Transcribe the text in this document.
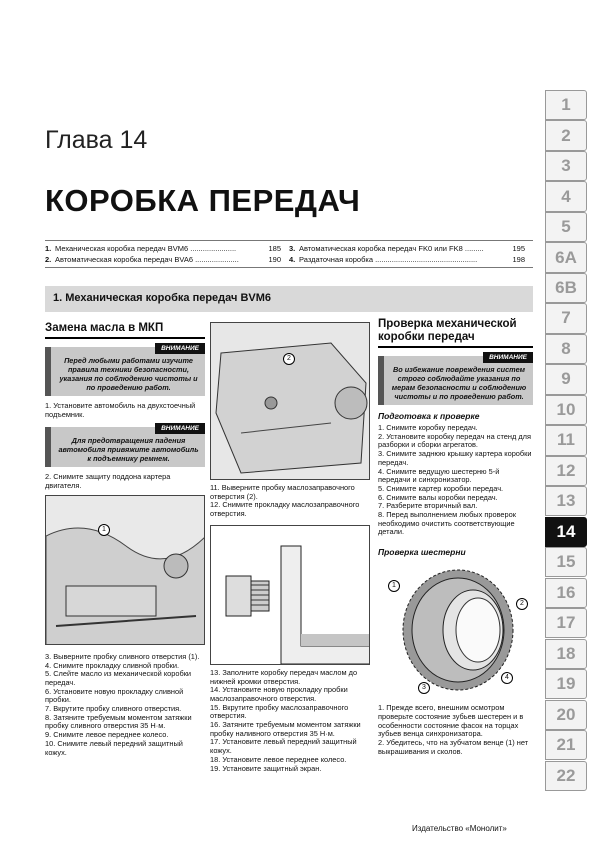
Глава 14
КОРОБКА ПЕРЕДАЧ
1. Механическая коробка передач BVM6 ......................	185
2. Автоматическая коробка передач BVA6 .....................	190
3. Автоматическая коробка передач FK0 или FK8 .........	195
4. Раздаточная коробка .................................................	198
1. Механическая коробка передач BVM6
Замена масла в МКП
ВНИМАНИЕ
Перед любыми работами изучите правила техники безопасности, указания по соблюдению чистоты и по проведению работ.
1. Установите автомобиль на двухстоечный подъемник.
ВНИМАНИЕ
Для предотвращения падения автомобиля привяжите автомобиль к подъемнику ремнем.
2. Снимите защиту поддона картера двигателя.
1
3. Выверните пробку сливного отверстия (1).
4. Снимите прокладку сливной пробки.
5. Слейте масло из механической коробки передач.
6. Установите новую прокладку сливной пробки.
7. Вкрутите пробку сливного отверстия.
8. Затяните требуемым моментом затяжки пробку сливного отверстия 35 Н·м.
9. Снимите левое переднее колесо.
10. Снимите левый передний защитный кожух.
2
11. Выверните пробку маслозаправочного отверстия (2).
12. Снимите прокладку маслозаправочного отверстия.
13. Заполните коробку передач маслом до нижней кромки отверстия.
14. Установите новую прокладку пробки маслозаправочного отверстия.
15. Вкрутите пробку маслозаправочного отверстия.
16. Затяните требуемым моментом затяжки пробку наливного отверстия 35 Н·м.
17. Установите левый передний защитный кожух.
18. Установите левое переднее колесо.
19. Установите защитный экран.
Проверка механической коробки передач
ВНИМАНИЕ
Во избежание повреждения систем строго соблюдайте указания по мерам безопасности и соблюдению чистоты и по проведению работ.
Подготовка к проверке
1. Снимите коробку передач.
2. Установите коробку передач на стенд для разборки и сборки агрегатов.
3. Снимите заднюю крышку картера коробки передач.
4. Снимите ведущую шестерню 5-й передачи и синхронизатор.
5. Снимите картер коробки передач.
6. Снимите валы коробки передач.
7. Разберите вторичный вал.
8. Перед выполнением любых проверок необходимо очистить соответствующие детали.
Проверка шестерни
1
2
3
4
1. Прежде всего, внешним осмотром проверьте состояние зубьев шестерен и в особенности состояние фасок на торцах зубьев венца синхронизатора.
2. Убедитесь, что на зубчатом венце (1) нет выкрашивания и сколов.
1
2
3
4
5
6A
6B
7
8
9
10
11
12
13
14
15
16
17
18
19
20
21
22
Издательство «Монолит»
